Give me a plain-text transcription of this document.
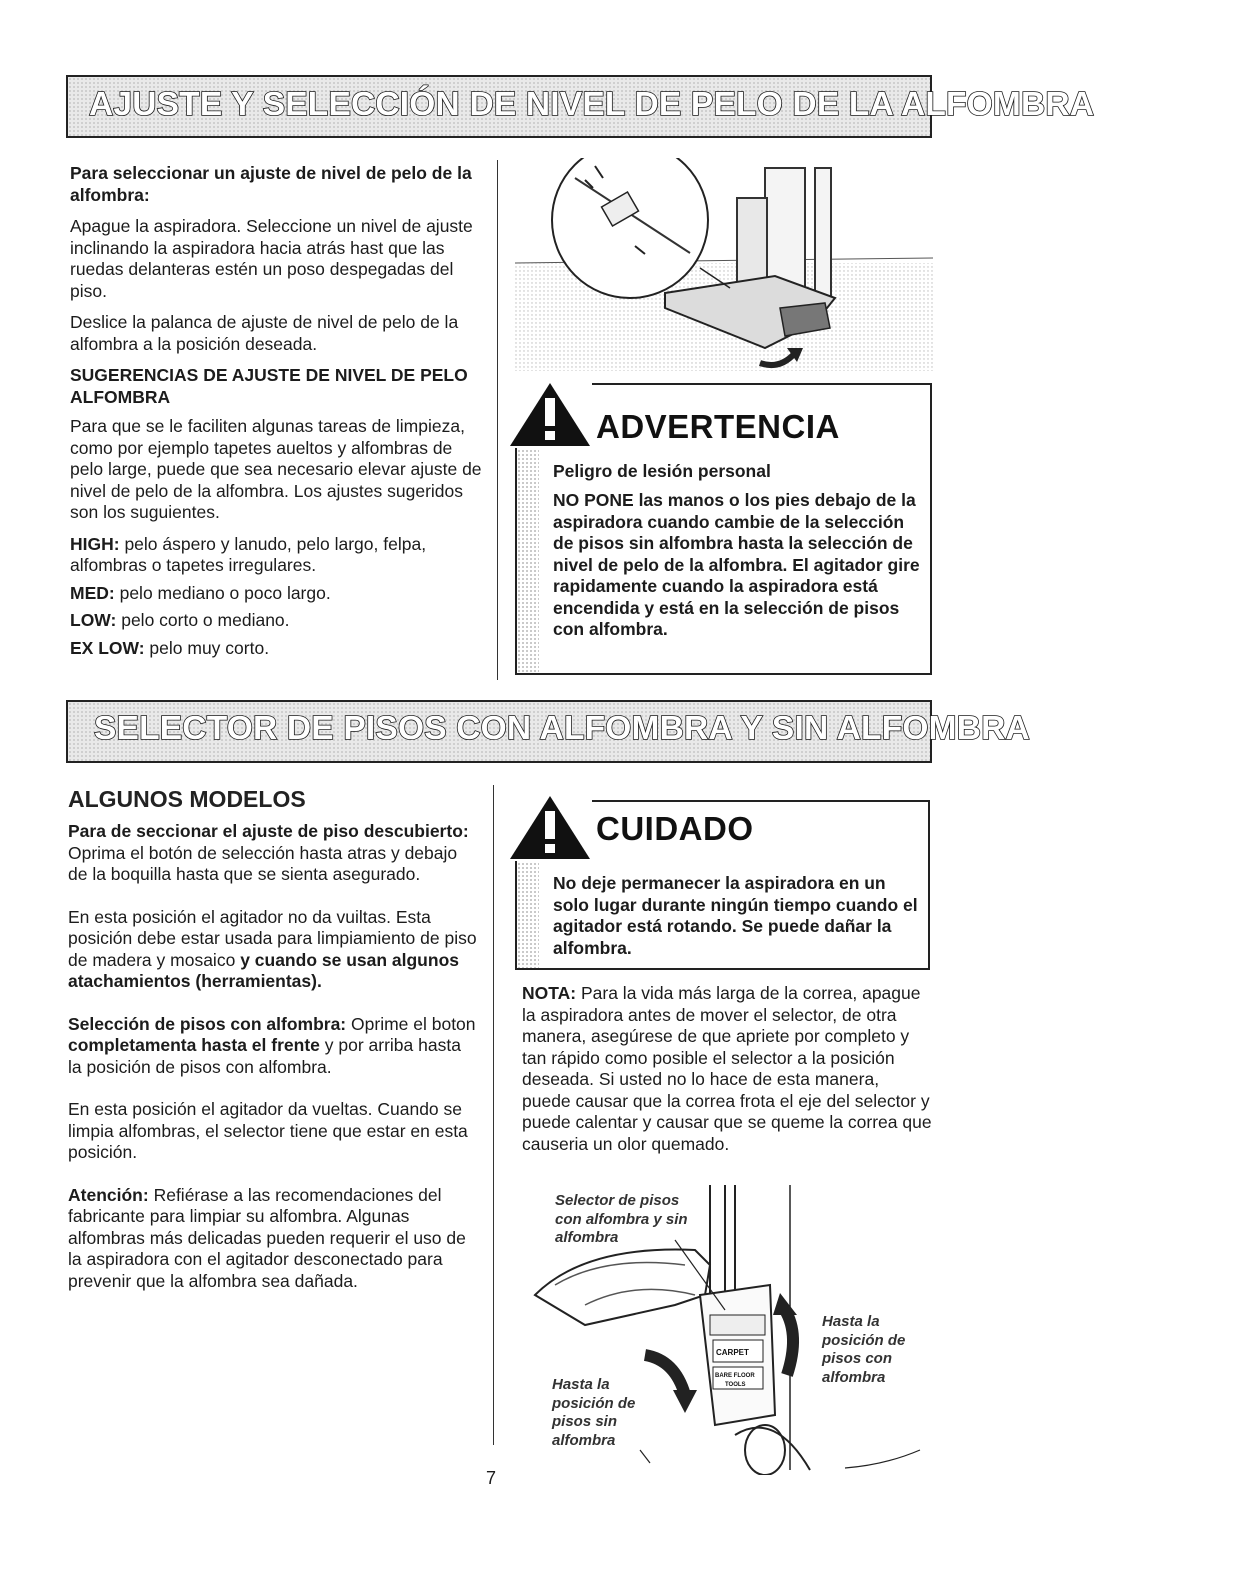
AJUSTE Y SELECCIÓN DE NIVEL DE PELO DE LA ALFOMBRA

Para seleccionar un ajuste de nivel de pelo de la alfombra:

Apague la aspiradora. Seleccione un nivel de ajuste inclinando la aspiradora hacia atrás hast que las ruedas delanteras estén un poso despegadas del piso.

Deslice la palanca de ajuste de nivel de pelo de la alfombra a la posición deseada.

SUGERENCIAS DE AJUSTE DE NIVEL DE PELO ALFOMBRA

Para que se le faciliten algunas tareas de limpieza, como por ejemplo tapetes aueltos y alfombras de pelo large, puede que sea necesario elevar ajuste de nivel de pelo de la alfombra. Los ajustes sugeridos son los suguientes.

HIGH: pelo áspero y lanudo, pelo largo, felpa, alfombras o tapetes irregulares.

MED: pelo mediano o poco largo.

LOW: pelo corto o mediano.

EX LOW: pelo muy corto.

ADVERTENCIA
Peligro de lesión personal
NO PONE las manos o los pies debajo de la aspiradora cuando cambie de la selección de pisos sin alfombra hasta la selección de nivel de pelo de la alfombra. El agitador gire rapidamente cuando la aspiradora está encendida y está en la selección de pisos con alfombra.
SELECTOR DE PISOS CON ALFOMBRA Y SIN ALFOMBRA

ALGUNOS MODELOS

Para de seccionar el ajuste de piso descubierto: Oprima el botón de selección hasta atras y debajo de la boquilla hasta que se sienta asegurado.

En esta posición el agitador no da vuiltas. Esta posición debe estar usada para limpiamiento de piso de madera y mosaico y cuando se usan algunos atachamientos (herramientas).

Selección de pisos con alfombra: Oprime el boton completamenta hasta el frente y por arriba hasta la posición de pisos con alfombra.

En esta posición el agitador da vueltas. Cuando se limpia alfombras, el selector tiene que estar en esta posición.

Atención: Refiérase a las recomendaciones del fabricante para limpiar su alfombra. Algunas alfombras más delicadas pueden requerir el uso de la aspiradora con el agitador desconectado para prevenir que la alfombra sea dañada.

CUIDADO
No deje permanecer la aspiradora en un solo lugar durante ningún tiempo cuando el agitador está rotando. Se puede dañar la alfombra.

NOTA: Para la vida más larga de la correa, apague la aspiradora antes de mover el selector, de otra manera, asegúrese de que apriete por completo y tan rápido como posible el selector a la posición deseada. Si usted no lo hace de esta manera, puede causar que la correa frota el eje del selector y puede calentar y causar que se queme la correa que causeria un olor quemado.

CARPET
BARE FLOOR
TOOLS
Selector de pisos con alfombra y sin alfombra
Hasta la posición de pisos sin alfombra
Hasta la posición de pisos con alfombra
7
